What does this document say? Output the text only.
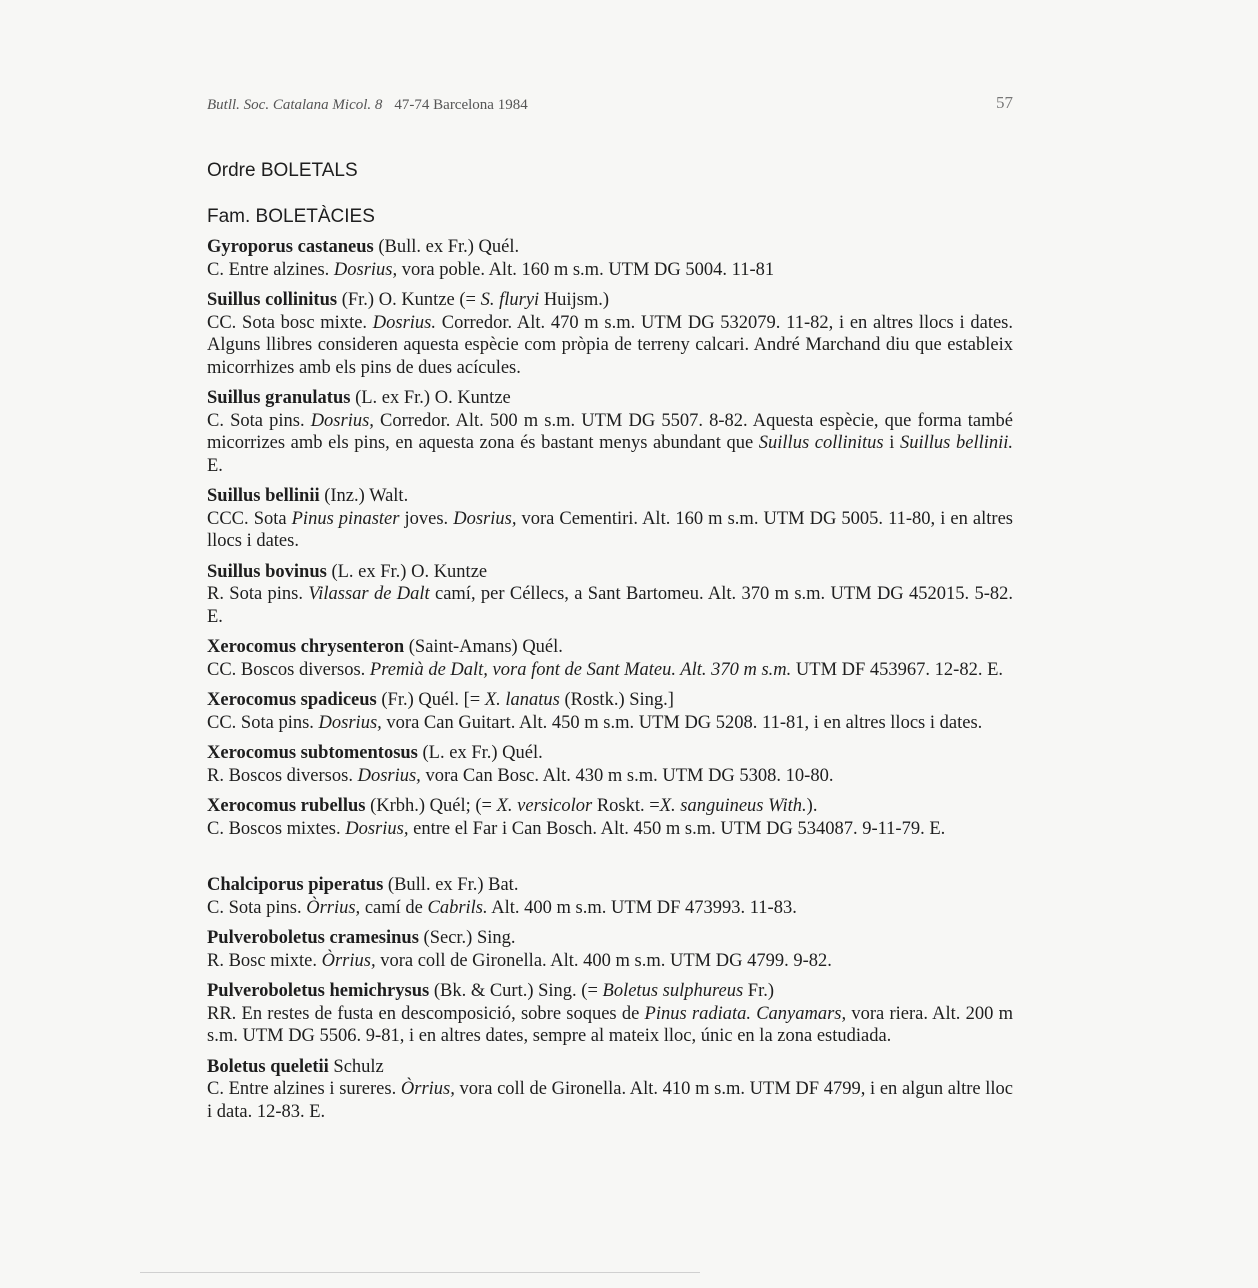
Butll. Soc. Catalana Micol. 8 47-74 Barcelona 1984	57
Ordre BOLETALS
Fam. BOLETÀCIES
Gyroporus castaneus (Bull. ex Fr.) Quél.
C. Entre alzines. Dosrius, vora poble. Alt. 160 m s.m. UTM DG 5004. 11-81
Suillus collinitus (Fr.) O. Kuntze (= S. fluryi Huijsm.)
CC. Sota bosc mixte. Dosrius. Corredor. Alt. 470 m s.m. UTM DG 532079. 11-82, i en altres llocs i dates. Alguns llibres consideren aquesta espècie com pròpia de terreny calcari. André Marchand diu que estableix micorrhizes amb els pins de dues acícules.
Suillus granulatus (L. ex Fr.) O. Kuntze
C. Sota pins. Dosrius, Corredor. Alt. 500 m s.m. UTM DG 5507. 8-82. Aquesta espècie, que forma també micorrizes amb els pins, en aquesta zona és bastant menys abundant que Suillus collinitus i Suillus bellinii. E.
Suillus bellinii (Inz.) Walt.
CCC. Sota Pinus pinaster joves. Dosrius, vora Cementiri. Alt. 160 m s.m. UTM DG 5005. 11-80, i en altres llocs i dates.
Suillus bovinus (L. ex Fr.) O. Kuntze
R. Sota pins. Vilassar de Dalt camí, per Céllecs, a Sant Bartomeu. Alt. 370 m s.m. UTM DG 452015. 5-82. E.
Xerocomus chrysenteron (Saint-Amans) Quél.
CC. Boscos diversos. Premià de Dalt, vora font de Sant Mateu. Alt. 370 m s.m. UTM DF 453967. 12-82. E.
Xerocomus spadiceus (Fr.) Quél. [= X. lanatus (Rostk.) Sing.]
CC. Sota pins. Dosrius, vora Can Guitart. Alt. 450 m s.m. UTM DG 5208. 11-81, i en altres llocs i dates.
Xerocomus subtomentosus (L. ex Fr.) Quél.
R. Boscos diversos. Dosrius, vora Can Bosc. Alt. 430 m s.m. UTM DG 5308. 10-80.
Xerocomus rubellus (Krbh.) Quél; (= X. versicolor Roskt. =X. sanguineus With.).
C. Boscos mixtes. Dosrius, entre el Far i Can Bosch. Alt. 450 m s.m. UTM DG 534087. 9-11-79. E.
Chalciporus piperatus (Bull. ex Fr.) Bat.
C. Sota pins. Òrrius, camí de Cabrils. Alt. 400 m s.m. UTM DF 473993. 11-83.
Pulveroboletus cramesinus (Secr.) Sing.
R. Bosc mixte. Òrrius, vora coll de Gironella. Alt. 400 m s.m. UTM DG 4799. 9-82.
Pulveroboletus hemichrysus (Bk. & Curt.) Sing. (= Boletus sulphureus Fr.)
RR. En restes de fusta en descomposició, sobre soques de Pinus radiata. Canyamars, vora riera. Alt. 200 m s.m. UTM DG 5506. 9-81, i en altres dates, sempre al mateix lloc, únic en la zona estudiada.
Boletus queletii Schulz
C. Entre alzines i sureres. Òrrius, vora coll de Gironella. Alt. 410 m s.m. UTM DF 4799, i en algun altre lloc i data. 12-83. E.
